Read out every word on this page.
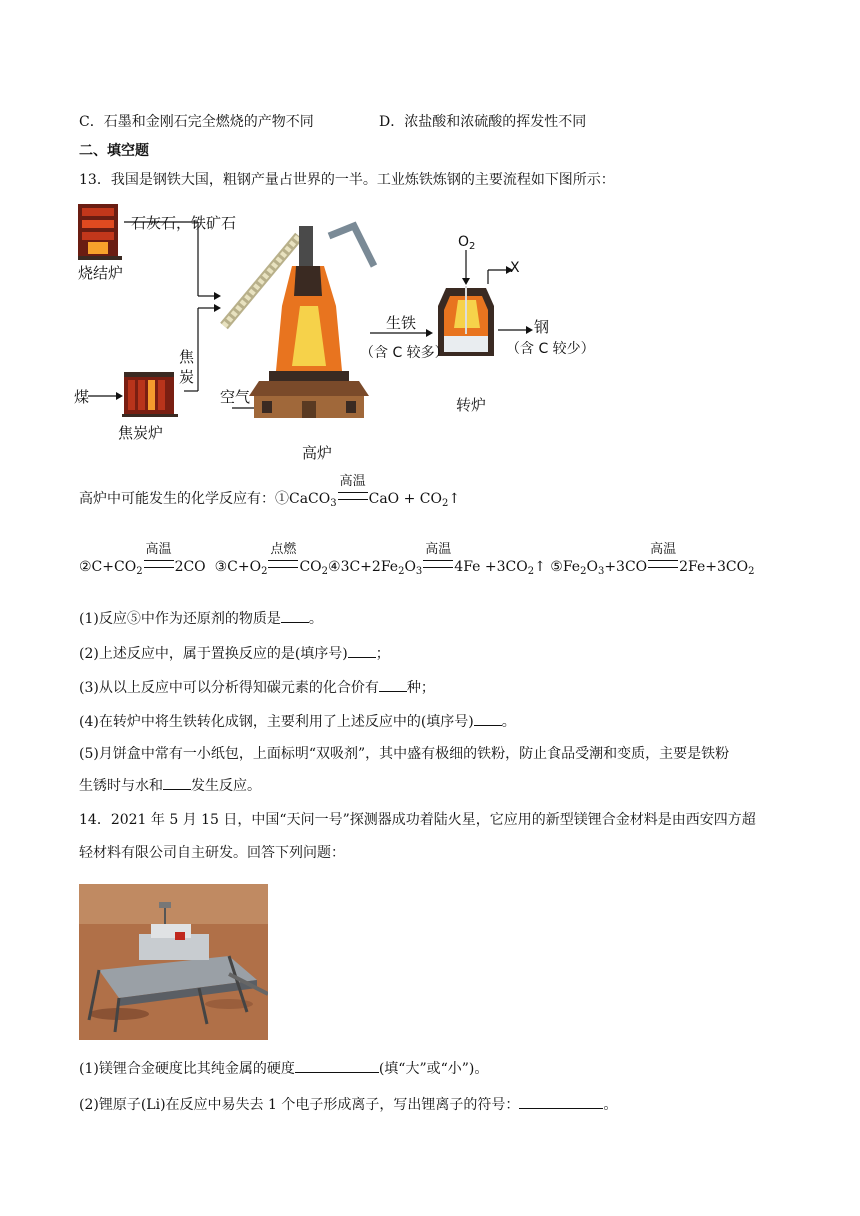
C．石墨和金刚石完全燃烧的产物不同	D．浓盐酸和浓硫酸的挥发性不同
二、填空题
13．我国是钢铁大国，粗钢产量占世界的一半。工业炼铁炼钢的主要流程如下图所示：
石灰石，铁矿石
烧结炉
焦
炭
煤
焦炭炉
空气
高炉
生铁
（含 C 较多）
$O_2$
X
钢
（含 C 较少）
转炉
高炉中可能发生的化学反应有：①CaCO$_3$
高温
CaO + $CO_2↑$
$②C+CO_2$
高温
2CO $③C+O_2$
点燃
$CO_2④3C+2Fe_2O_3$
高温
$4Fe +3CO_2↑$ $⑤Fe_2O_3+3CO$
高温
$2Fe+3CO_2$
(1)反应⑤中作为还原剂的物质是 。
(2)上述反应中，属于置换反应的是(填序号) ；
(3)从以上反应中可以分析得知碳元素的化合价有 种；
(4)在转炉中将生铁转化成钢，主要利用了上述反应中的(填序号) 。
(5)月饼盒中常有一小纸包，上面标明“双吸剂”，其中盛有极细的铁粉，防止食品受潮和变质，主要是铁粉
生锈时与水和 发生反应。
14．2021 年 5 月 15 日，中国“天问一号”探测器成功着陆火星，它应用的新型镁锂合金材料是由西安四方超
轻材料有限公司自主研发。回答下列问题：
(1)镁锂合金硬度比其纯金属的硬度	(填“大”或“小”)。
(2)锂原子(Li)在反应中易失去 1 个电子形成离子，写出锂离子的符号：	。
